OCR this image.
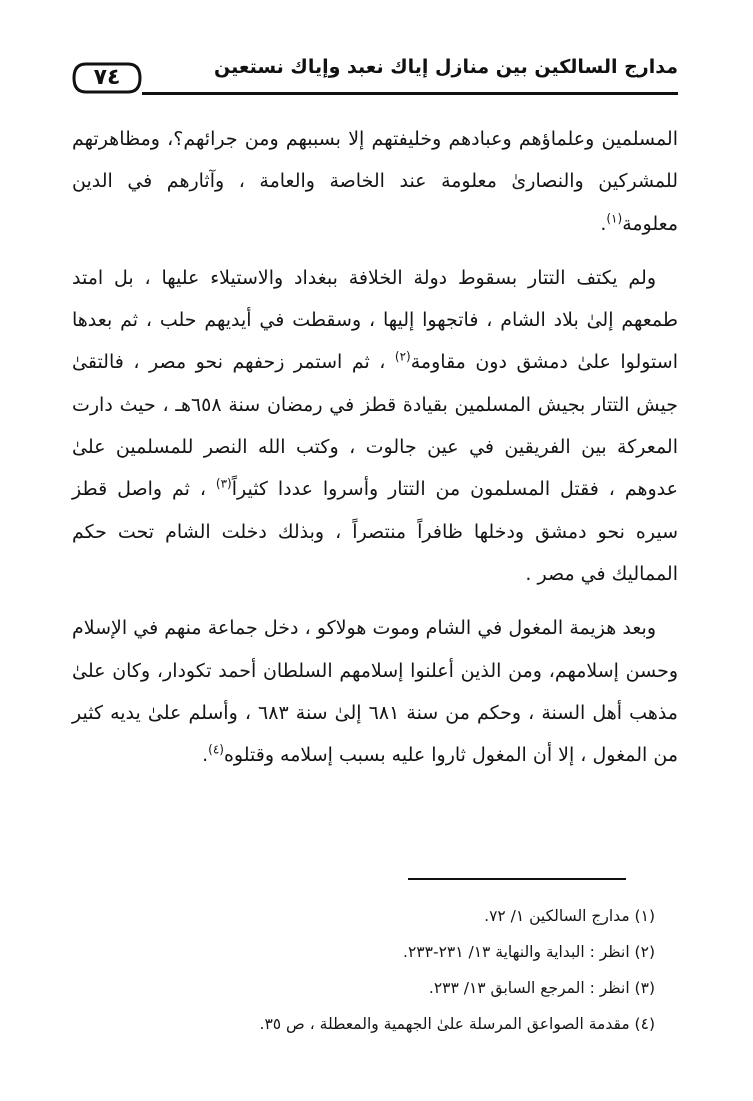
مدارج السالكين بين منازل إياك نعبد وإياك نستعين
٧٤

المسلمين وعلماؤهم وعبادهم وخليفتهم إلا بسببهم ومن جرائهم؟، ومظاهرتهم للمشركين والنصارىٰ معلومة عند الخاصة والعامة ، وآثارهم في الدين معلومة$^{(١)}$.

ولم يكتف التتار بسقوط دولة الخلافة ببغداد والاستيلاء عليها ، بل امتد طمعهم إلىٰ بلاد الشام ، فاتجهوا إليها ، وسقطت في أيديهم حلب ، ثم بعدها استولوا علىٰ دمشق دون مقاومة$^{(٢)}$ ، ثم استمر زحفهم نحو مصر ، فالتقىٰ جيش التتار بجيش المسلمين بقيادة قطز في رمضان سنة ٦٥٨هـ ، حيث دارت المعركة بين الفريقين في عين جالوت ، وكتب الله النصر للمسلمين علىٰ عدوهم ، فقتل المسلمون من التتار وأسروا عددا كثيراً$^{(٣)}$ ، ثم واصل قطز سيره نحو دمشق ودخلها ظافراً منتصراً ، وبذلك دخلت الشام تحت حكم المماليك في مصر .

وبعد هزيمة المغول في الشام وموت هولاكو ، دخل جماعة منهم في الإسلام وحسن إسلامهم، ومن الذين أعلنوا إسلامهم السلطان أحمد تكودار، وكان علىٰ مذهب أهل السنة ، وحكم من سنة ٦٨١ إلىٰ سنة ٦٨٣ ، وأسلم علىٰ يديه كثير من المغول ، إلا أن المغول ثاروا عليه بسبب إسلامه وقتلوه$^{(٤)}$.

(١) مدارج السالكين ١/ ٧٢.
(٢) انظر : البداية والنهاية ١٣/ ٢٣١-٢٣٣.
(٣) انظر : المرجع السابق ١٣/ ٢٣٣.
(٤) مقدمة الصواعق المرسلة علىٰ الجهمية والمعطلة ، ص ٣٥.
